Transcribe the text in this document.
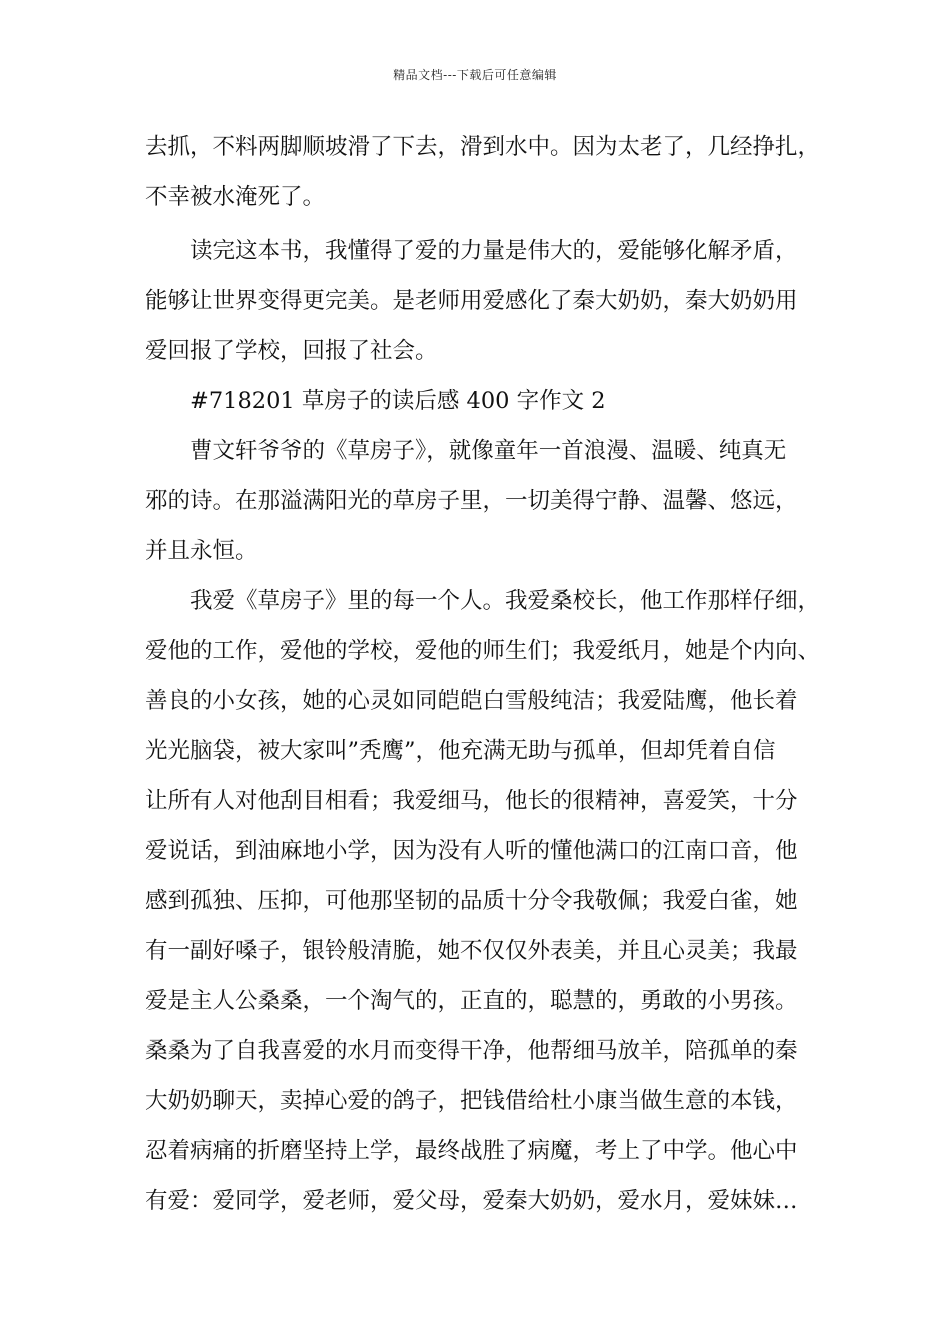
精品文档---下载后可任意编辑
去抓，不料两脚顺坡滑了下去，滑到水中。因为太老了，几经挣扎，
不幸被水淹死了。
读完这本书，我懂得了爱的力量是伟大的，爱能够化解矛盾，
能够让世界变得更完美。是老师用爱感化了秦大奶奶，秦大奶奶用
爱回报了学校，回报了社会。
#718201 草房子的读后感 400 字作文 2
曹文轩爷爷的《草房子》，就像童年一首浪漫、温暖、纯真无
邪的诗。在那溢满阳光的草房子里，一切美得宁静、温馨、悠远，
并且永恒。
我爱《草房子》里的每一个人。我爱桑校长，他工作那样仔细，
爱他的工作，爱他的学校，爱他的师生们；我爱纸月，她是个内向、
善良的小女孩，她的心灵如同皑皑白雪般纯洁；我爱陆鹰，他长着
光光脑袋，被大家叫”秃鹰”，他充满无助与孤单，但却凭着自信
让所有人对他刮目相看；我爱细马，他长的很精神，喜爱笑，十分
爱说话，到油麻地小学，因为没有人听的懂他满口的江南口音，他
感到孤独、压抑，可他那坚韧的品质十分令我敬佩；我爱白雀，她
有一副好嗓子，银铃般清脆，她不仅仅外表美，并且心灵美；我最
爱是主人公桑桑，一个淘气的，正直的，聪慧的，勇敢的小男孩。
桑桑为了自我喜爱的水月而变得干净，他帮细马放羊，陪孤单的秦
大奶奶聊天，卖掉心爱的鸽子，把钱借给杜小康当做生意的本钱，
忍着病痛的折磨坚持上学，最终战胜了病魔，考上了中学。他心中
有爱：爱同学，爱老师，爱父母，爱秦大奶奶，爱水月，爱妹妹…
